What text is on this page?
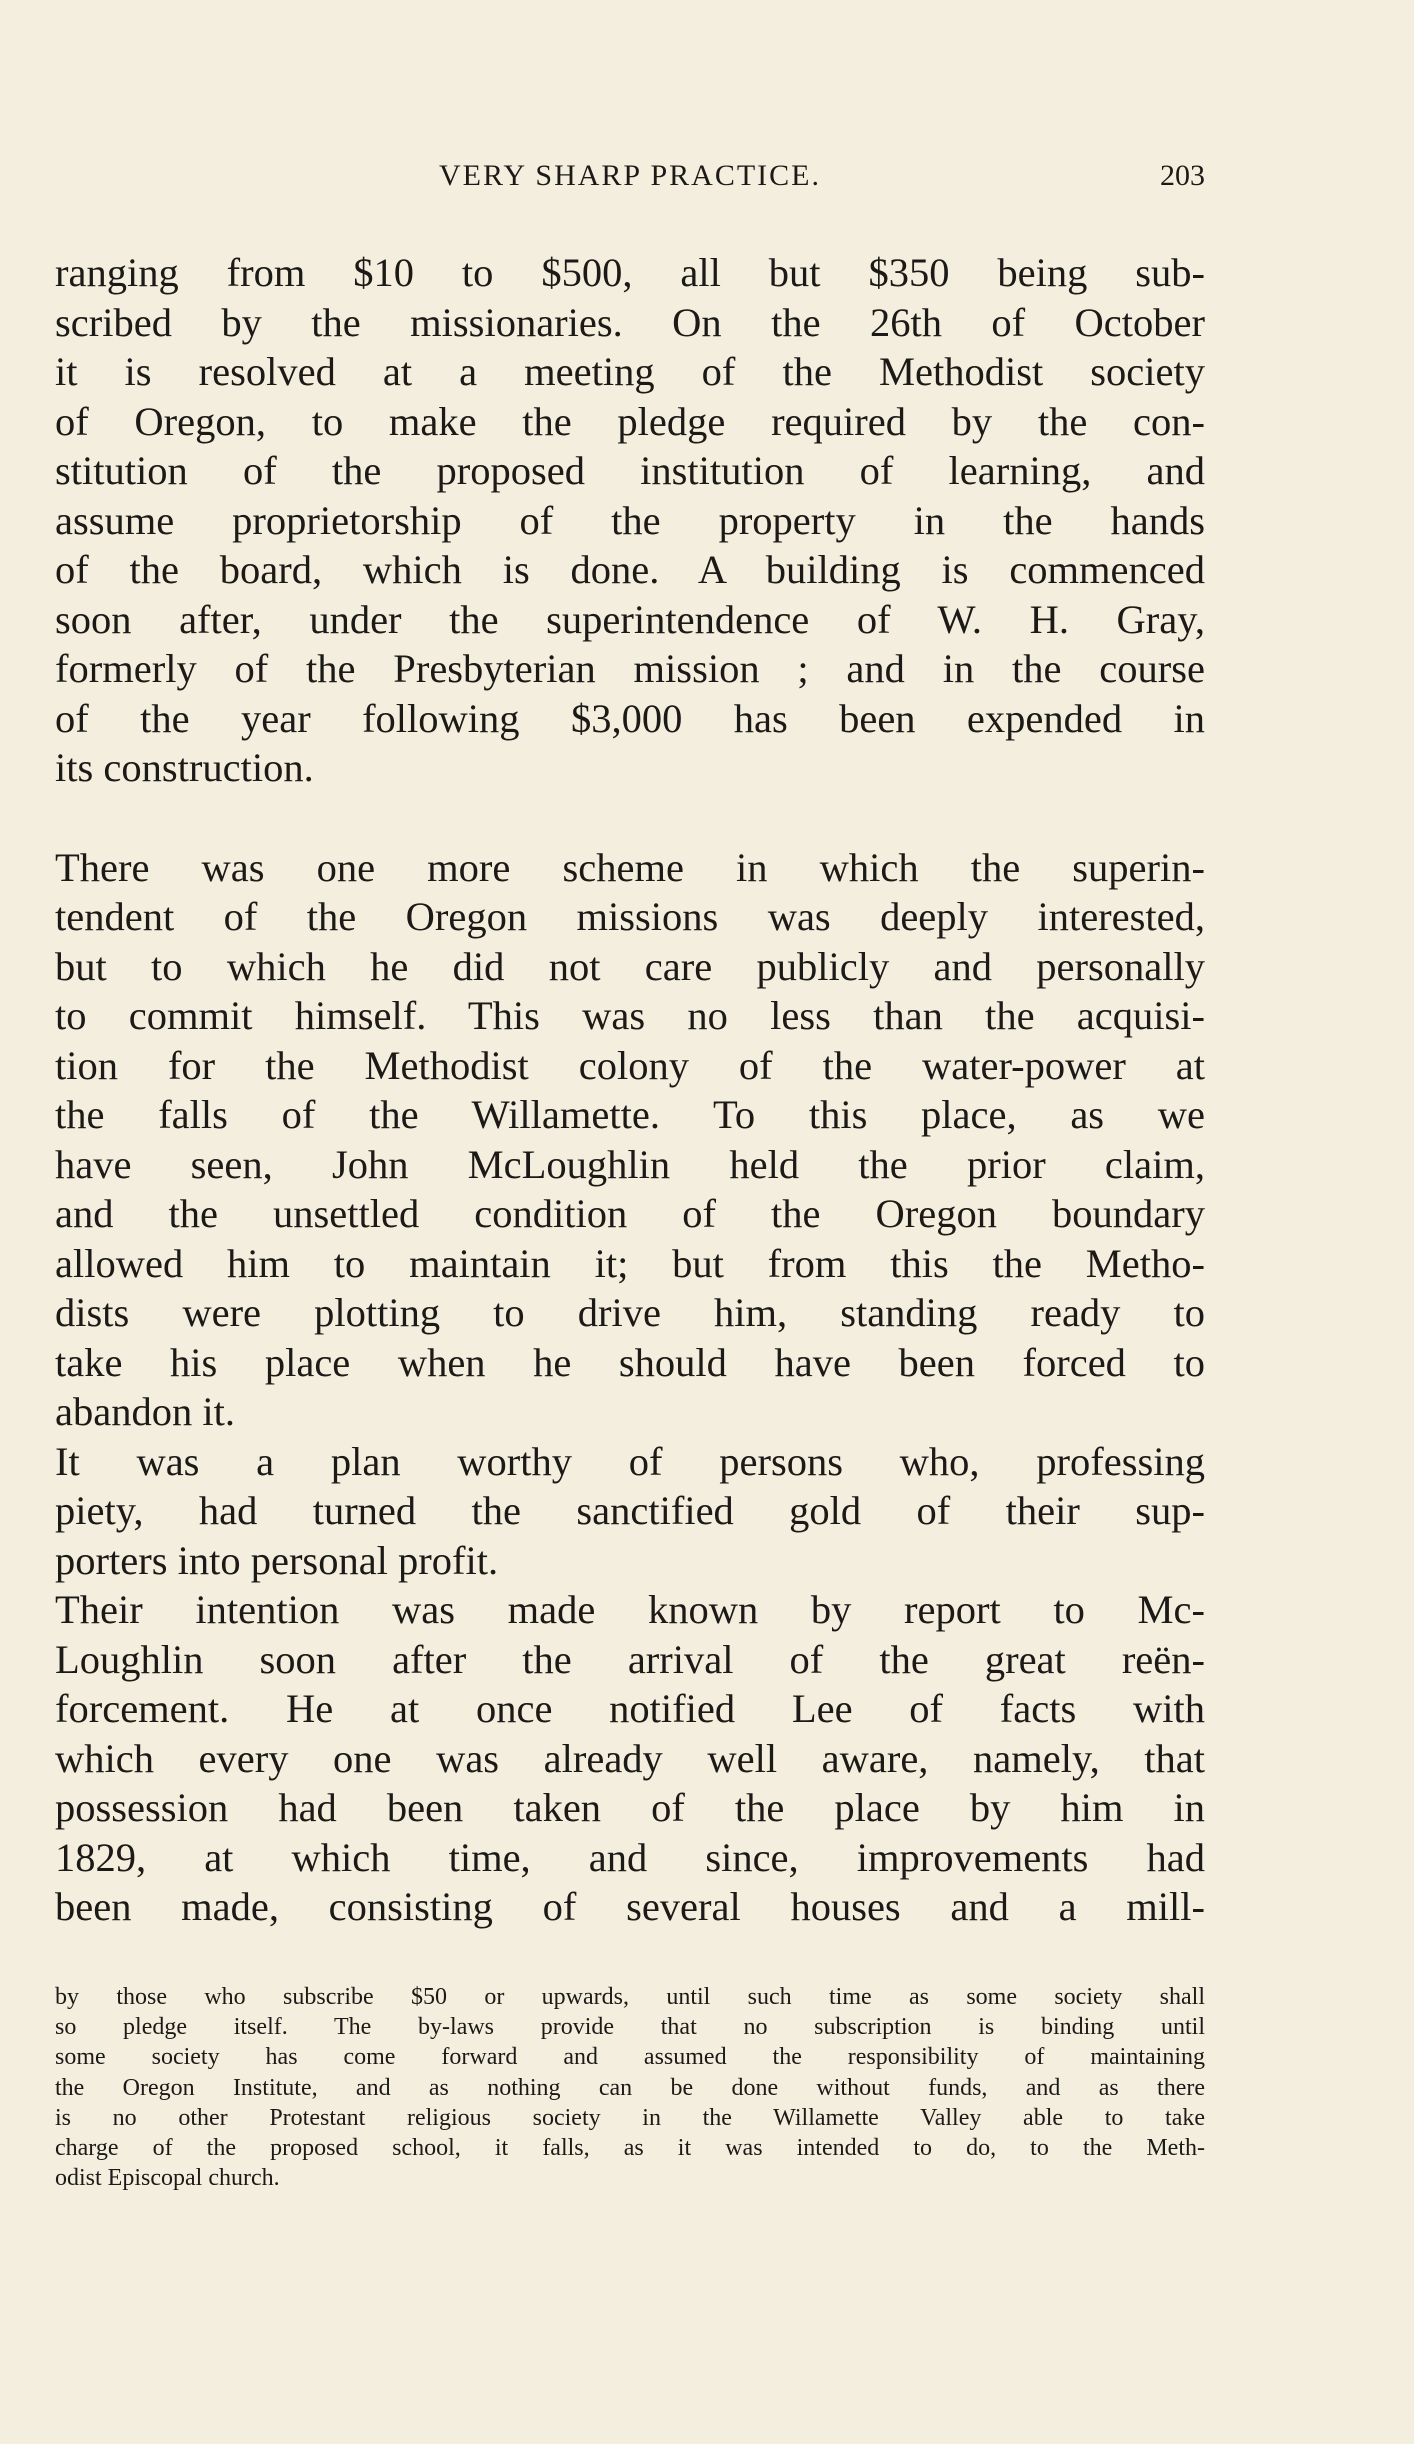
VERY SHARP PRACTICE.	203
ranging from $10 to $500, all but $350 being sub-
scribed by the missionaries. On the 26th of October
it is resolved at a meeting of the Methodist society
of Oregon, to make the pledge required by the con-
stitution of the proposed institution of learning, and
assume proprietorship of the property in the hands
of the board, which is done. A building is commenced
soon after, under the superintendence of W. H. Gray,
formerly of the Presbyterian mission ; and in the course
of the year following $3,000 has been expended in
its construction.
There was one more scheme in which the superin-
tendent of the Oregon missions was deeply interested,
but to which he did not care publicly and personally
to commit himself. This was no less than the acquisi-
tion for the Methodist colony of the water-power at
the falls of the Willamette. To this place, as we
have seen, John McLoughlin held the prior claim,
and the unsettled condition of the Oregon boundary
allowed him to maintain it; but from this the Metho-
dists were plotting to drive him, standing ready to
take his place when he should have been forced to
abandon it.
It was a plan worthy of persons who, professing
piety, had turned the sanctified gold of their sup-
porters into personal profit.
Their intention was made known by report to Mc-
Loughlin soon after the arrival of the great reën-
forcement. He at once notified Lee of facts with
which every one was already well aware, namely, that
possession had been taken of the place by him in
1829, at which time, and since, improvements had
been made, consisting of several houses and a mill-
by those who subscribe $50 or upwards, until such time as some society shall
so pledge itself. The by-laws provide that no subscription is binding until
some society has come forward and assumed the responsibility of maintaining
the Oregon Institute, and as nothing can be done without funds, and as there
is no other Protestant religious society in the Willamette Valley able to take
charge of the proposed school, it falls, as it was intended to do, to the Meth-
odist Episcopal church.
